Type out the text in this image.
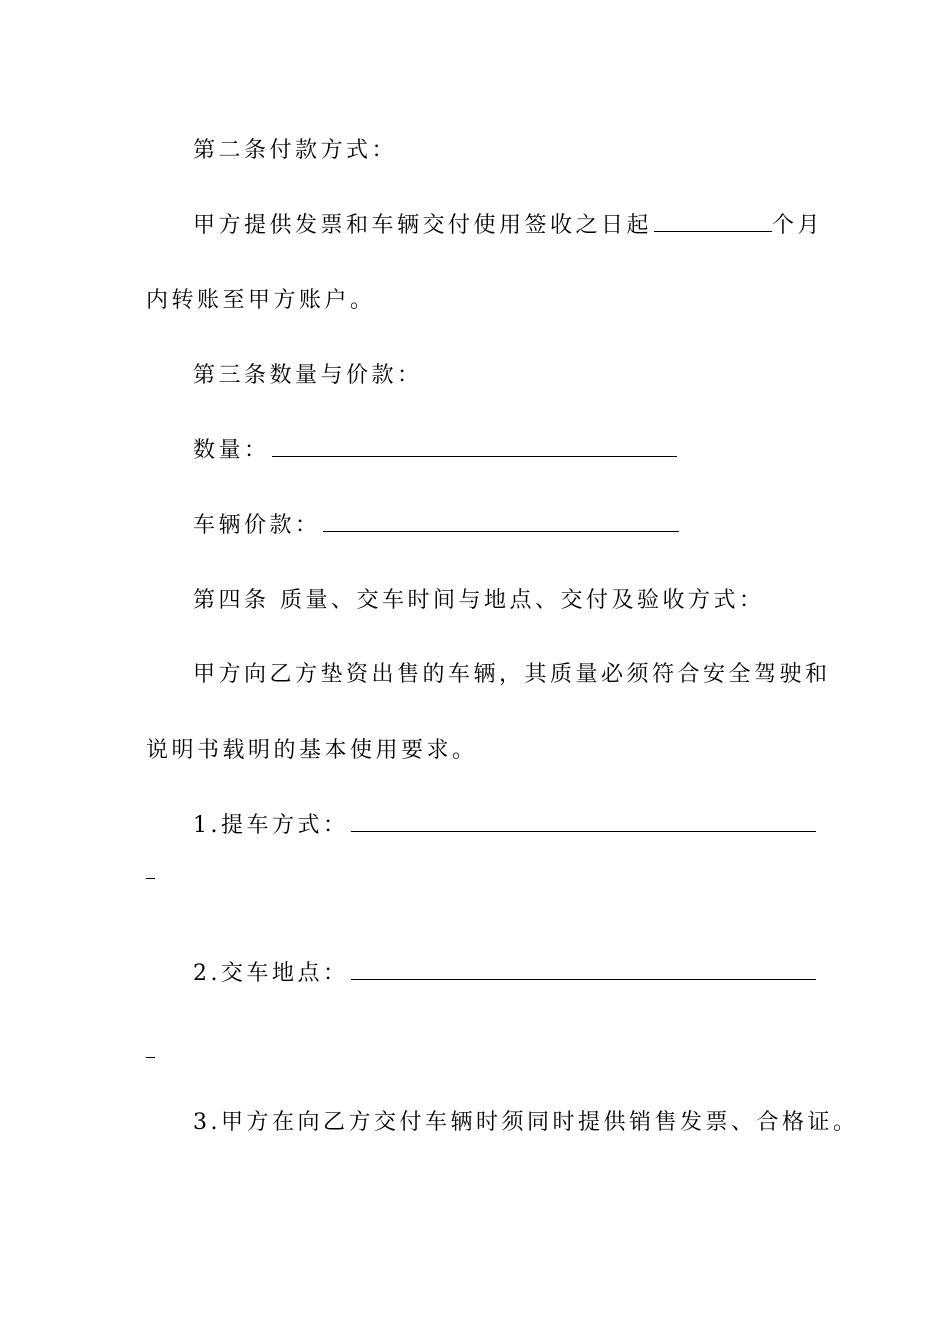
第二条付款方式：
甲方提供发票和车辆交付使用签收之日起	个月
内转账至甲方账户。
第三条数量与价款：
数量：
车辆价款：
第四条 质量、交车时间与地点、交付及验收方式：
甲方向乙方垫资出售的车辆，其质量必须符合安全驾驶和
说明书载明的基本使用要求。
1.提车方式：
2.交车地点：
3.甲方在向乙方交付车辆时须同时提供销售发票、合格证。
